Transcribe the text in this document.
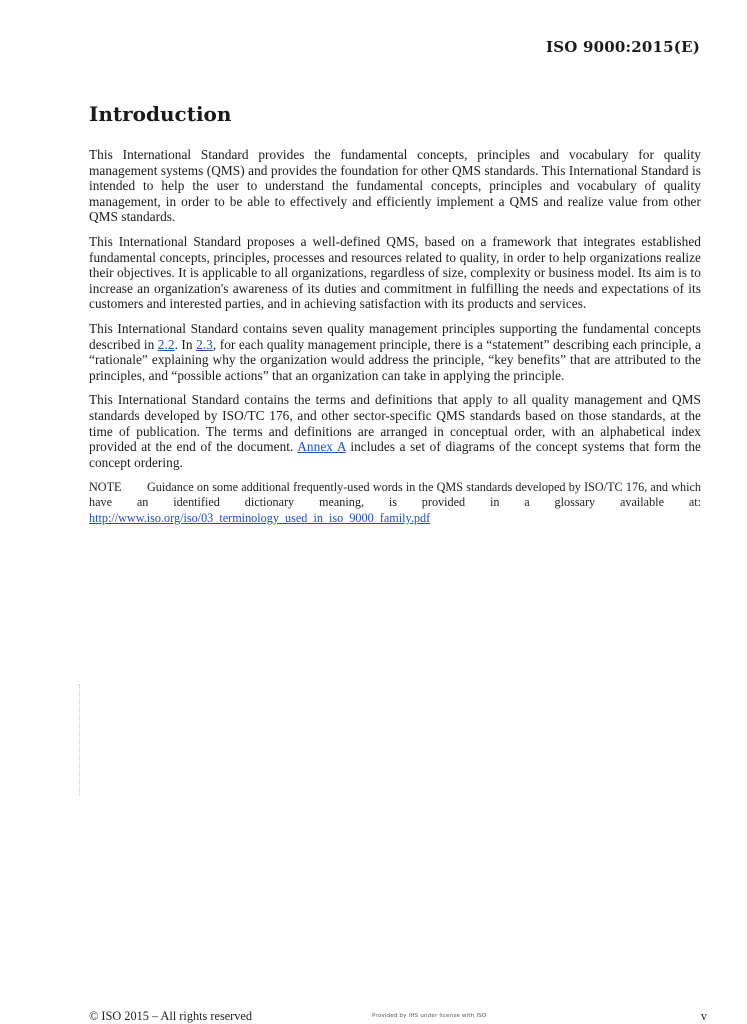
ISO 9000:2015(E)
Introduction

This International Standard provides the fundamental concepts, principles and vocabulary for quality management systems (QMS) and provides the foundation for other QMS standards. This International Standard is intended to help the user to understand the fundamental concepts, principles and vocabulary of quality management, in order to be able to effectively and efficiently implement a QMS and realize value from other QMS standards.

This International Standard proposes a well-defined QMS, based on a framework that integrates established fundamental concepts, principles, processes and resources related to quality, in order to help organizations realize their objectives. It is applicable to all organizations, regardless of size, complexity or business model. Its aim is to increase an organization's awareness of its duties and commitment in fulfilling the needs and expectations of its customers and interested parties, and in achieving satisfaction with its products and services.

This International Standard contains seven quality management principles supporting the fundamental concepts described in 2.2. In 2.3, for each quality management principle, there is a “statement” describing each principle, a “rationale” explaining why the organization would address the principle, “key benefits” that are attributed to the principles, and “possible actions” that an organization can take in applying the principle.

This International Standard contains the terms and definitions that apply to all quality management and QMS standards developed by ISO/TC 176, and other sector-specific QMS standards based on those standards, at the time of publication. The terms and definitions are arranged in conceptual order, with an alphabetical index provided at the end of the document. Annex A includes a set of diagrams of the concept systems that form the concept ordering.

NOTE Guidance on some additional frequently-used words in the QMS standards developed by ISO/TC 176, and which have an identified dictionary meaning, is provided in a glossary available at: http://www.iso.org/iso/03_terminology_used_in_iso_9000_family.pdf

© ISO 2015 – All rights reserved	Provided by IHS under license with ISO	v
